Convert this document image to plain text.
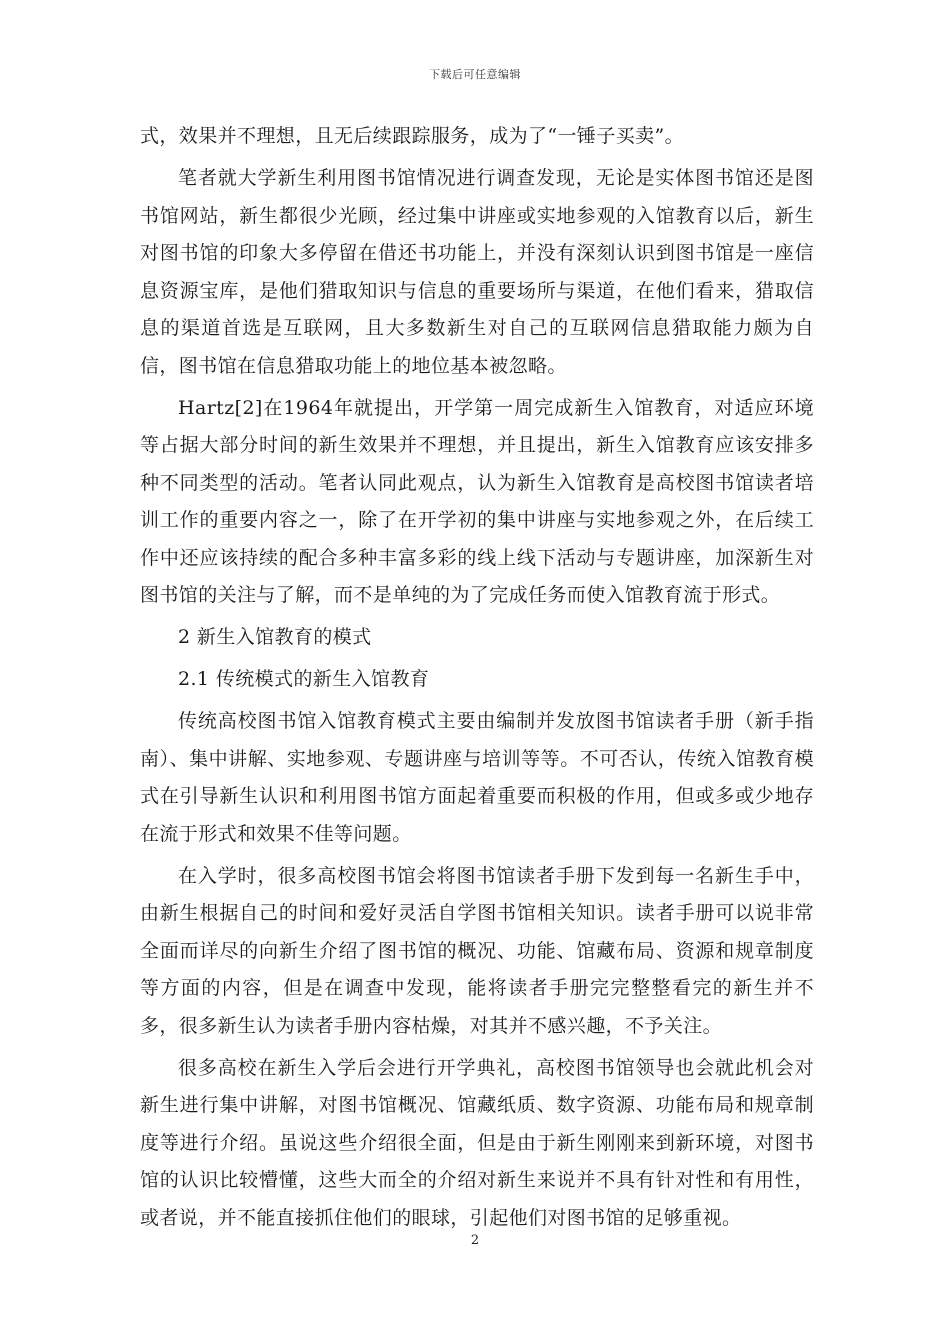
下载后可任意编辑

式，效果并不理想，且无后续跟踪服务，成为了“一锤子买卖”。

笔者就大学新生利用图书馆情况进行调查发现，无论是实体图书馆还是图书馆网站，新生都很少光顾，经过集中讲座或实地参观的入馆教育以后，新生对图书馆的印象大多停留在借还书功能上，并没有深刻认识到图书馆是一座信息资源宝库，是他们猎取知识与信息的重要场所与渠道，在他们看来，猎取信息的渠道首选是互联网，且大多数新生对自己的互联网信息猎取能力颇为自信，图书馆在信息猎取功能上的地位基本被忽略。

Hartz[2]在1964年就提出，开学第一周完成新生入馆教育，对适应环境等占据大部分时间的新生效果并不理想，并且提出，新生入馆教育应该安排多种不同类型的活动。笔者认同此观点，认为新生入馆教育是高校图书馆读者培训工作的重要内容之一，除了在开学初的集中讲座与实地参观之外，在后续工作中还应该持续的配合多种丰富多彩的线上线下活动与专题讲座，加深新生对图书馆的关注与了解，而不是单纯的为了完成任务而使入馆教育流于形式。

2 新生入馆教育的模式

2.1 传统模式的新生入馆教育

传统高校图书馆入馆教育模式主要由编制并发放图书馆读者手册（新手指南）、集中讲解、实地参观、专题讲座与培训等等。不可否认，传统入馆教育模式在引导新生认识和利用图书馆方面起着重要而积极的作用，但或多或少地存在流于形式和效果不佳等问题。

在入学时，很多高校图书馆会将图书馆读者手册下发到每一名新生手中，由新生根据自己的时间和爱好灵活自学图书馆相关知识。读者手册可以说非常全面而详尽的向新生介绍了图书馆的概况、功能、馆藏布局、资源和规章制度等方面的内容，但是在调查中发现，能将读者手册完完整整看完的新生并不多，很多新生认为读者手册内容枯燥，对其并不感兴趣，不予关注。

很多高校在新生入学后会进行开学典礼，高校图书馆领导也会就此机会对新生进行集中讲解，对图书馆概况、馆藏纸质、数字资源、功能布局和规章制度等进行介绍。虽说这些介绍很全面，但是由于新生刚刚来到新环境，对图书馆的认识比较懵懂，这些大而全的介绍对新生来说并不具有针对性和有用性，或者说，并不能直接抓住他们的眼球，引起他们对图书馆的足够重视。

2
